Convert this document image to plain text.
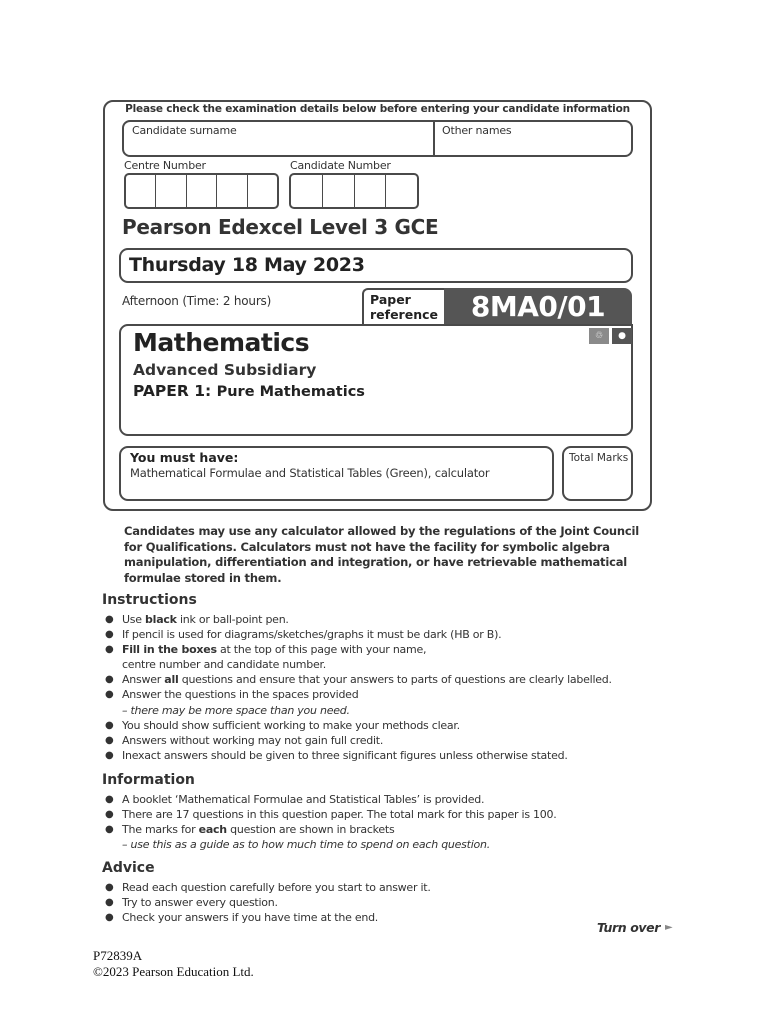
Please check the examination details below before entering your candidate information
Candidate surname	Other names
Centre Number	Candidate Number
Pearson Edexcel Level 3 GCE
Thursday 18 May 2023
Afternoon (Time: 2 hours)	Paper reference	8MA0/01
♲	●
Mathematics
Advanced Subsidiary
PAPER 1: Pure Mathematics
You must have:
Mathematical Formulae and Statistical Tables (Green), calculator
Total Marks
Candidates may use any calculator allowed by the regulations of the Joint Council for Qualifications. Calculators must not have the facility for symbolic algebra manipulation, differentiation and integration, or have retrievable mathematical formulae stored in them.
Instructions
● Use black ink or ball-point pen.
● If pencil is used for diagrams/sketches/graphs it must be dark (HB or B).
● Fill in the boxes at the top of this page with your name,
centre number and candidate number.
● Answer all questions and ensure that your answers to parts of questions are clearly labelled.
● Answer the questions in the spaces provided
– there may be more space than you need.
● You should show sufficient working to make your methods clear.
● Answers without working may not gain full credit.
● Inexact answers should be given to three significant figures unless otherwise stated.
Information
● A booklet ‘Mathematical Formulae and Statistical Tables’ is provided.
● There are 17 questions in this question paper. The total mark for this paper is 100.
● The marks for each question are shown in brackets
– use this as a guide as to how much time to spend on each question.
Advice
● Read each question carefully before you start to answer it.
● Try to answer every question.
● Check your answers if you have time at the end.
Turn over ►
P72839A
©2023 Pearson Education Ltd.
